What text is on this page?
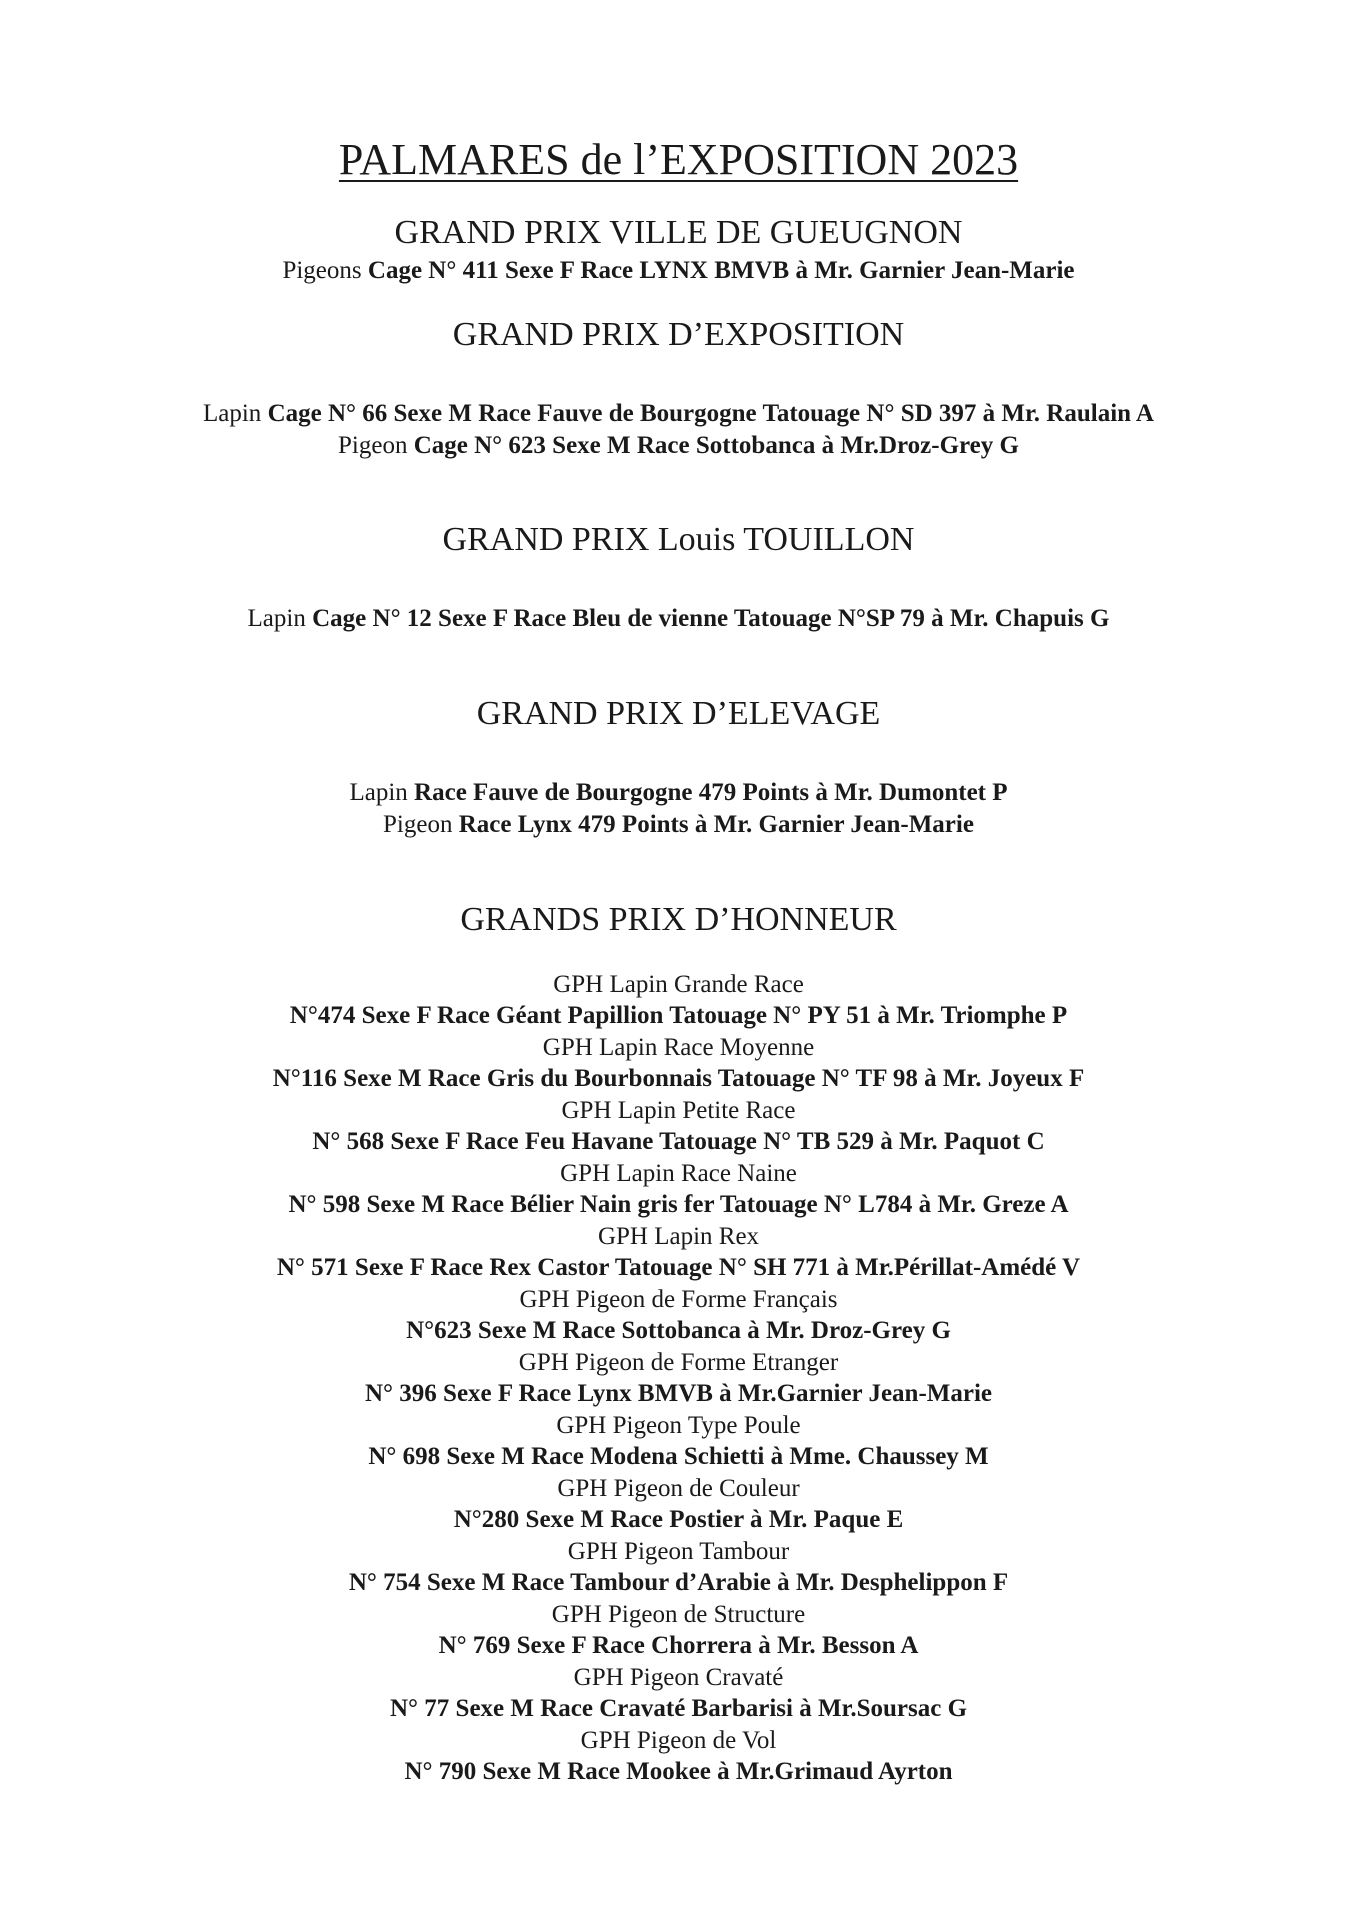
PALMARES de l’EXPOSITION 2023
GRAND PRIX VILLE DE GUEUGNON
Pigeons Cage N° 411 Sexe F Race LYNX BMVB à Mr. Garnier Jean-Marie
GRAND PRIX D’EXPOSITION
Lapin Cage N° 66 Sexe M Race Fauve de Bourgogne Tatouage N° SD 397 à Mr. Raulain A
Pigeon Cage N° 623 Sexe M Race Sottobanca à Mr.Droz-Grey G
GRAND PRIX Louis TOUILLON
Lapin Cage N° 12 Sexe F Race Bleu de vienne Tatouage N°SP 79 à Mr. Chapuis G
GRAND PRIX D’ELEVAGE
Lapin Race Fauve de Bourgogne 479 Points à Mr. Dumontet P
Pigeon Race Lynx 479 Points à Mr. Garnier Jean-Marie
GRANDS PRIX D’HONNEUR
GPH Lapin Grande Race
N°474 Sexe F Race Géant Papillion Tatouage N° PY 51 à Mr. Triomphe P
GPH Lapin Race Moyenne
N°116 Sexe M Race Gris du Bourbonnais Tatouage N° TF 98 à Mr. Joyeux F
GPH Lapin Petite Race
N° 568 Sexe F Race Feu Havane Tatouage N° TB 529 à Mr. Paquot C
GPH Lapin Race Naine
N° 598 Sexe M Race Bélier Nain gris fer Tatouage N° L784 à Mr. Greze A
GPH Lapin Rex
N° 571 Sexe F Race Rex Castor Tatouage N° SH 771 à Mr.Périllat-Amédé V
GPH Pigeon de Forme Français
N°623 Sexe M Race Sottobanca à Mr. Droz-Grey G
GPH Pigeon de Forme Etranger
N° 396 Sexe F Race Lynx BMVB à Mr.Garnier Jean-Marie
GPH Pigeon Type Poule
N° 698 Sexe M Race Modena Schietti à Mme. Chaussey M
GPH Pigeon de Couleur
N°280 Sexe M Race Postier à Mr. Paque E
GPH Pigeon Tambour
N° 754 Sexe M Race Tambour d’Arabie à Mr. Desphelippon F
GPH Pigeon de Structure
N° 769 Sexe F Race Chorrera à Mr. Besson A
GPH Pigeon Cravaté
N° 77 Sexe M Race Cravaté Barbarisi à Mr.Soursac G
GPH Pigeon de Vol
N° 790 Sexe M Race Mookee à Mr.Grimaud Ayrton
